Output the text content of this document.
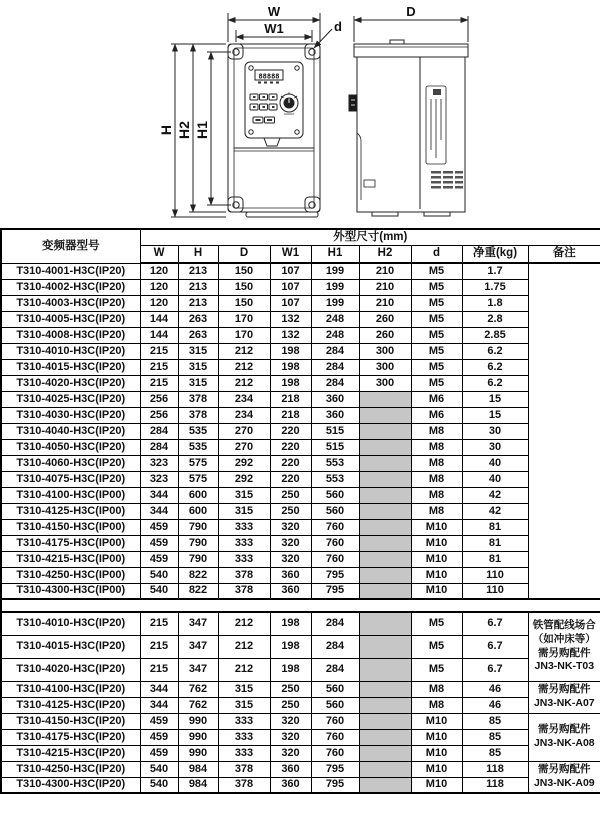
88888
W
W1	d
H H2 H1
D
变频器型号	外型尺寸(mm)								
	W	H	D	W1	H1	H2	d	净重(kg)	备注
T310-4001-H3C(IP20)	120	213	150	107	199	210	M5	1.7	
T310-4002-H3C(IP20)	120	213	150	107	199	210	M5	1.75	
T310-4003-H3C(IP20)	120	213	150	107	199	210	M5	1.8	
T310-4005-H3C(IP20)	144	263	170	132	248	260	M5	2.8	
T310-4008-H3C(IP20)	144	263	170	132	248	260	M5	2.85	
T310-4010-H3C(IP20)	215	315	212	198	284	300	M5	6.2	
T310-4015-H3C(IP20)	215	315	212	198	284	300	M5	6.2	
T310-4020-H3C(IP20)	215	315	212	198	284	300	M5	6.2	
T310-4025-H3C(IP20)	256	378	234	218	360		M6	15	
T310-4030-H3C(IP20)	256	378	234	218	360		M6	15	
T310-4040-H3C(IP20)	284	535	270	220	515		M8	30	
T310-4050-H3C(IP20)	284	535	270	220	515		M8	30	
T310-4060-H3C(IP20)	323	575	292	220	553		M8	40	
T310-4075-H3C(IP20)	323	575	292	220	553		M8	40	
T310-4100-H3C(IP00)	344	600	315	250	560		M8	42	
T310-4125-H3C(IP00)	344	600	315	250	560		M8	42	
T310-4150-H3C(IP00)	459	790	333	320	760		M10	81	
T310-4175-H3C(IP00)	459	790	333	320	760		M10	81	
T310-4215-H3C(IP00)	459	790	333	320	760		M10	81	
T310-4250-H3C(IP00)	540	822	378	360	795		M10	110	
T310-4300-H3C(IP00)	540	822	378	360	795		M10	110	

T310-4010-H3C(IP20)	215	347	212	198	284		M5	6.7	铁管配线场合
（如冲床等）
需另购配件
JN3-NK-T03

T310-4015-H3C(IP20)	215	347	212	198	284		M5	6.7	
T310-4020-H3C(IP20)	215	347	212	198	284		M5	6.7	
T310-4100-H3C(IP20)	344	762	315	250	560		M8	46	需另购配件
JN3-NK-A07

T310-4125-H3C(IP20)	344	762	315	250	560		M8	46	
T310-4150-H3C(IP20)	459	990	333	320	760		M10	85	需另购配件
JN3-NK-A08

T310-4175-H3C(IP20)	459	990	333	320	760		M10	85	
T310-4215-H3C(IP20)	459	990	333	320	760		M10	85	
T310-4250-H3C(IP20)	540	984	378	360	795		M10	118	需另购配件
JN3-NK-A09

T310-4300-H3C(IP20)	540	984	378	360	795		M10	118	
